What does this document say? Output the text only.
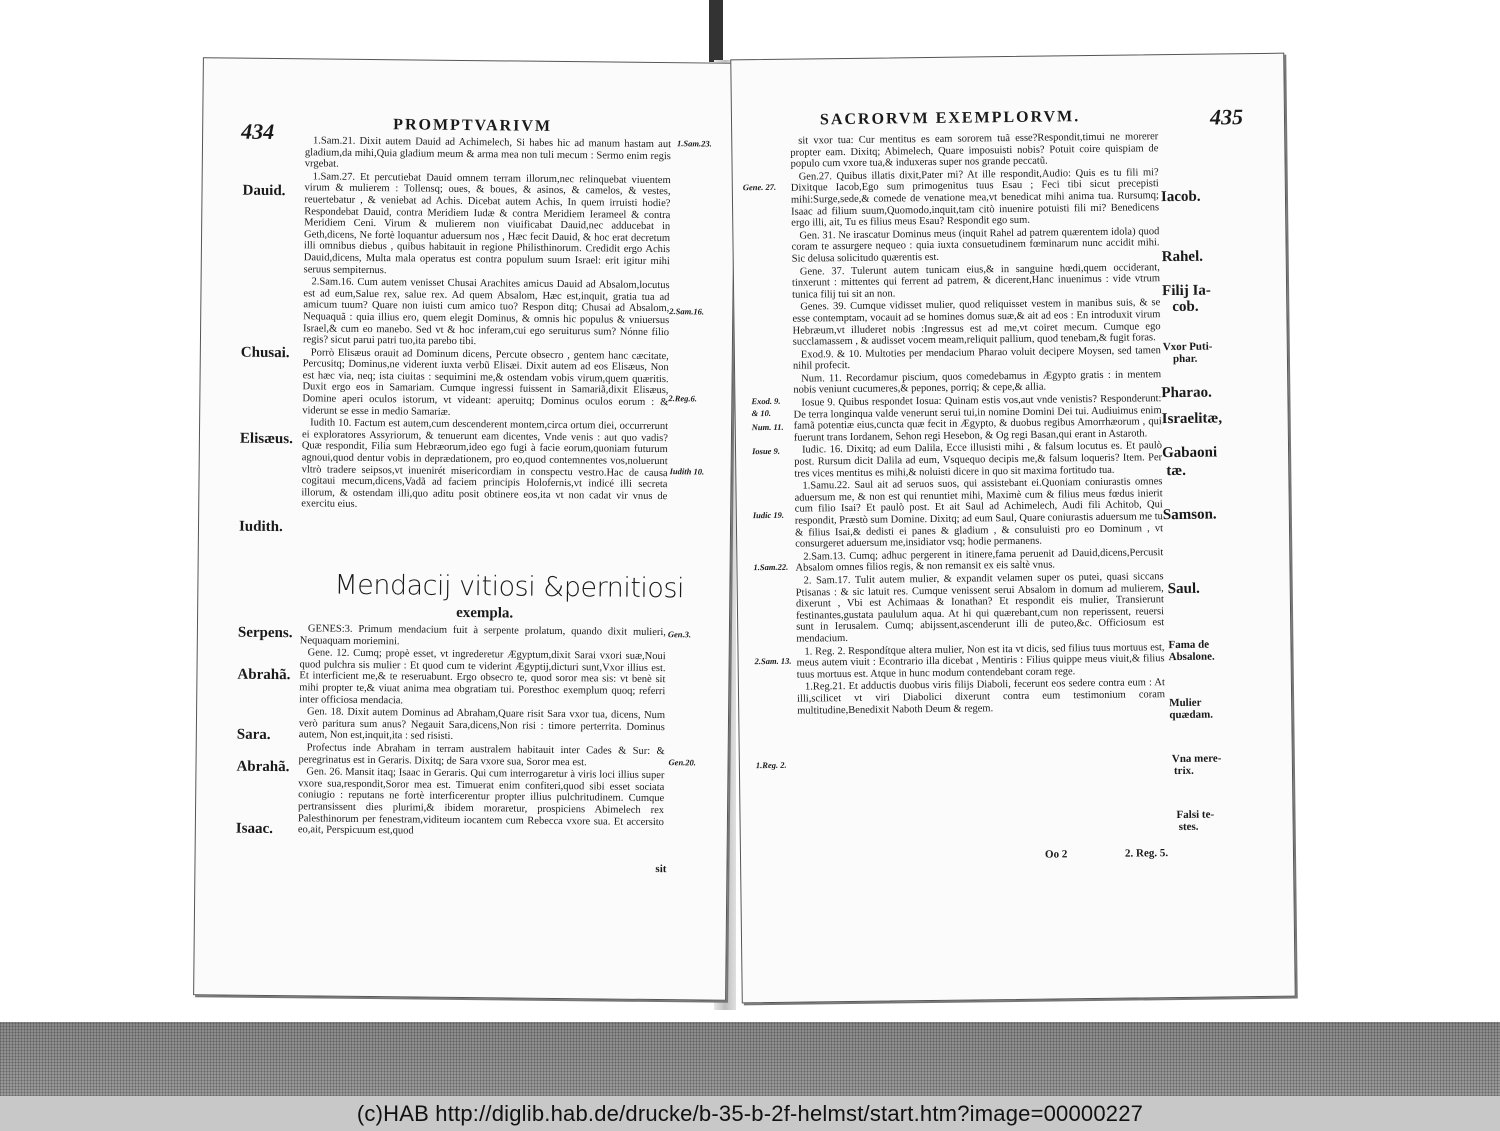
434	PROMPTVARIVM
1.Sam.23.
2.Sam.16.
2.Reg.6.
Iudith 10.
Dauid.
Chusai.
Elisæus.
Iudith.

1.Sam.21. Dixit autem Dauid ad Achimelech, Si habes hic ad manum hastam aut gladium,da mihi,Quia gladium meum & arma mea non tuli mecum : Sermo enim regis vrgebat.

1.Sam.27. Et percutiebat Dauid omnem terram illorum,nec relinquebat viuentem virum & mulierem : Tollensq; oues, & boues, & asinos, & camelos, & vestes, reuertebatur , & veniebat ad Achis. Dicebat autem Achis, In quem irruisti hodie? Respondebat Dauid, contra Meridiem Iudæ & contra Meridiem Ierameel & contra Meridiem Ceni. Virum & mulierem non viuificabat Dauid,nec adducebat in Geth,dicens, Ne fortè loquantur aduersum nos , Hæc fecit Dauid, & hoc erat decretum illi omnibus diebus , quibus habitauit in regione Philisthinorum. Credidit ergo Achis Dauid,dicens, Multa mala operatus est contra populum suum Israel: erit igitur mihi seruus sempiternus.

2.Sam.16. Cum autem venisset Chusai Arachites amicus Dauid ad Absalom,locutus est ad eum,Salue rex, salue rex. Ad quem Absalom, Hæc est,inquit, gratia tua ad amicum tuum? Quare non iuisti cum amico tuo? Respon ditq; Chusai ad Absalom, Nequaquã : quia illius ero, quem elegit Dominus, & omnis hic populus & vniuersus Israel,& cum eo manebo. Sed vt & hoc inferam,cui ego seruiturus sum? Nónne filio regis? sicut parui patri tuo,ita parebo tibi.

Porrò Elisæus orauit ad Dominum dicens, Percute obsecro , gentem hanc cæcitate, Percusitq; Dominus,ne viderent iuxta verbũ Elisæi. Dixit autem ad eos Elisæus, Non est hæc via, neq; ista ciuitas : sequimini me,& ostendam vobis virum,quem quæritis. Duxit ergo eos in Samariam. Cumque ingressi fuissent in Samariã,dixit Elisæus, Domine aperi oculos istorum, vt videant: aperuitq; Dominus oculos eorum : & viderunt se esse in medio Samariæ.

Iudith 10. Factum est autem,cum descenderent montem,circa ortum diei, occurrerunt ei exploratores Assyriorum, & tenuerunt eam dicentes, Vnde venis : aut quo vadis? Quæ respondit, Filia sum Hebræorum,ideo ego fugi à facie eorum,quoniam futurum agnoui,quod dentur vobis in deprædationem, pro eo,quod contemnentes vos,noluerunt vltrò tradere seipsos,vt inuenirét misericordiam in conspectu vestro.Hac de causa cogitaui mecum,dicens,Vadã ad faciem principis Holofernis,vt indicé illi secreta illorum, & ostendam illi,quo aditu posit obtinere eos,ita vt non cadat vir vnus de exercitu eius.

Mendacij vitiosi &pernitiosi
exempla.
Serpens.
Abrahã.
Sara.
Abrahã.
Isaac.
Gen.3.
Gen.20.

GENES:3. Primum mendacium fuit à serpente prolatum, quando dixit mulieri, Nequaquam moriemini.

Gene. 12. Cumq; propè esset, vt ingrederetur Ægyptum,dixit Sarai vxori suæ,Noui quod pulchra sis mulier : Et quod cum te viderint Ægyptij,dicturi sunt,Vxor illius est. Et interficient me,& te reseruabunt. Ergo obsecro te, quod soror mea sis: vt benè sit mihi propter te,& viuat anima mea obgratiam tui. Poresthoc exemplum quoq; referri inter officiosa mendacia.

Gen. 18. Dixit autem Dominus ad Abraham,Quare risit Sara vxor tua, dicens, Num verò paritura sum anus? Negauit Sara,dicens,Non risi : timore perterrita. Dominus autem, Non est,inquit,ita : sed risisti.

Profectus inde Abraham in terram australem habitauit inter Cades & Sur: & peregrinatus est in Geraris. Dixitq; de Sara vxore sua, Soror mea est.

Gen. 26. Mansit itaq; Isaac in Geraris. Qui cum interrogaretur à viris loci illius super vxore sua,respondit,Soror mea est. Timuerat enim confiteri,quod sibi esset sociata coniugio : reputans ne fortè interficerentur propter illius pulchritudinem. Cumque pertransissent dies plurimi,& ibidem moraretur, prospiciens Abimelech rex Palesthinorum per fenestram,viditeum iocantem cum Rebecca vxore sua. Et accersito eo,ait, Perspicuum est,quod

sit
SACRORVM EXEMPLORVM.	435
Gene. 27.
Exod. 9.
& 10.
Num. 11.
Iosue 9.
Iudic 19.
1.Sam.22.
2.Sam. 13.
1.Reg. 2.
Iacob.
Rahel.
Filij Ia-
cob.
Vxor Puti-
phar.
Pharao.
Israelitæ,
Gabaoni
tæ.
Samson.
Saul.
Fama de
Absalone.
Mulier
quædam.
Vna mere-
trix.
Falsi te-
stes.

sit vxor tua: Cur mentitus es eam sororem tuã esse?Respondit,timui ne morerer propter eam. Dixitq; Abimelech, Quare imposuisti nobis? Potuit coire quispiam de populo cum vxore tua,& induxeras super nos grande peccatũ.

Gen.27. Quibus illatis dixit,Pater mi? At ille respondit,Audio: Quis es tu fili mi? Dixitque Iacob,Ego sum primogenitus tuus Esau ; Feci tibi sicut precepisti mihi:Surge,sede,& comede de venatione mea,vt benedicat mihi anima tua. Rursumq; Isaac ad filium suum,Quomodo,inquit,tam citò inuenire potuisti fili mi? Benedicens ergo illi, ait, Tu es filius meus Esau? Respondit ego sum.

Gen. 31. Ne irascatur Dominus meus (inquit Rahel ad patrem quærentem idola) quod coram te assurgere nequeo : quia iuxta consuetudinem fœminarum nunc accidit mihi. Sic delusa solicitudo quærentis est.

Gene. 37. Tulerunt autem tunicam eius,& in sanguine hœdi,quem occiderant, tinxerunt : mittentes qui ferrent ad patrem, & dicerent,Hanc inuenimus : vide vtrum tunica filij tui sit an non.

Genes. 39. Cumque vidisset mulier, quod reliquisset vestem in manibus suis, & se esse contemptam, vocauit ad se homines domus suæ,& ait ad eos : En introduxit virum Hebræum,vt illuderet nobis :Ingressus est ad me,vt coiret mecum. Cumque ego succlamassem , & audisset vocem meam,reliquit pallium, quod tenebam,& fugit foras.

Exod.9. & 10. Multoties per mendacium Pharao voluit decipere Moysen, sed tamen nihil profecit.

Num. 11. Recordamur piscium, quos comedebamus in Ægypto gratis : in mentem nobis veniunt cucumeres,& pepones, porriq; & cepe,& allia.

Iosue 9. Quibus respondet Iosua: Quinam estis vos,aut vnde venistis? Responderunt: De terra longinqua valde venerunt serui tui,in nomine Domini Dei tui. Audiuimus enim famã potentiæ eius,cuncta quæ fecit in Ægypto, & duobus regibus Amorrhæorum , qui fuerunt trans Iordanem, Sehon regi Hesebon, & Og regi Basan,qui erant in Astaroth.

Iudic. 16. Dixitq; ad eum Dalila, Ecce illusisti mihi , & falsum locutus es. Et paulò post. Rursum dicit Dalila ad eum, Vsquequo decipis me,& falsum loqueris? Item. Per tres vices mentitus es mihi,& noluisti dicere in quo sit maxima fortitudo tua.

1.Samu.22. Saul ait ad seruos suos, qui assistebant ei.Quoniam coniurastis omnes aduersum me, & non est qui renuntiet mihi, Maximè cum & filius meus fœdus inierit cum filio Isai? Et paulò post. Et ait Saul ad Achimelech, Audi fili Achitob, Qui respondit, Præstò sum Domine. Dixitq; ad eum Saul, Quare coniurastis aduersum me tu & filius Isai,& dedisti ei panes & gladium , & consuluisti pro eo Dominum , vt consurgeret aduersum me,insidiator vsq; hodie permanens.

2.Sam.13. Cumq; adhuc pergerent in itinere,fama peruenit ad Dauid,dicens,Percusit Absalom omnes filios regis, & non remansit ex eis saltè vnus.

2. Sam.17. Tulit autem mulier, & expandit velamen super os putei, quasi siccans Ptisanas : & sic latuit res. Cumque venissent serui Absalom in domum ad mulierem, dixerunt , Vbi est Achimaas & Ionathan? Et respondit eis mulier, Transierunt festinantes,gustata paululum aqua. At hi qui quærebant,cum non reperissent, reuersi sunt in Ierusalem. Cumq; abijssent,ascenderunt illi de puteo,&c. Officiosum est mendacium.

1. Reg. 2. Respondítque altera mulier, Non est ita vt dicis, sed filius tuus mortuus est, meus autem viuit : Econtrario illa dicebat , Mentiris : Filius quippe meus viuit,& filius tuus mortuus est. Atque in hunc modum contendebant coram rege.

1.Reg.21. Et adductis duobus viris filijs Diaboli, fecerunt eos sedere contra eum : At illi,scilicet vt viri Diabolici dixerunt contra eum testimonium coram multitudine,Benedixit Naboth Deum & regem.

Oo 2	2. Reg. 5.
(c)HAB http://diglib.hab.de/drucke/b-35-b-2f-helmst/start.htm?image=00000227
